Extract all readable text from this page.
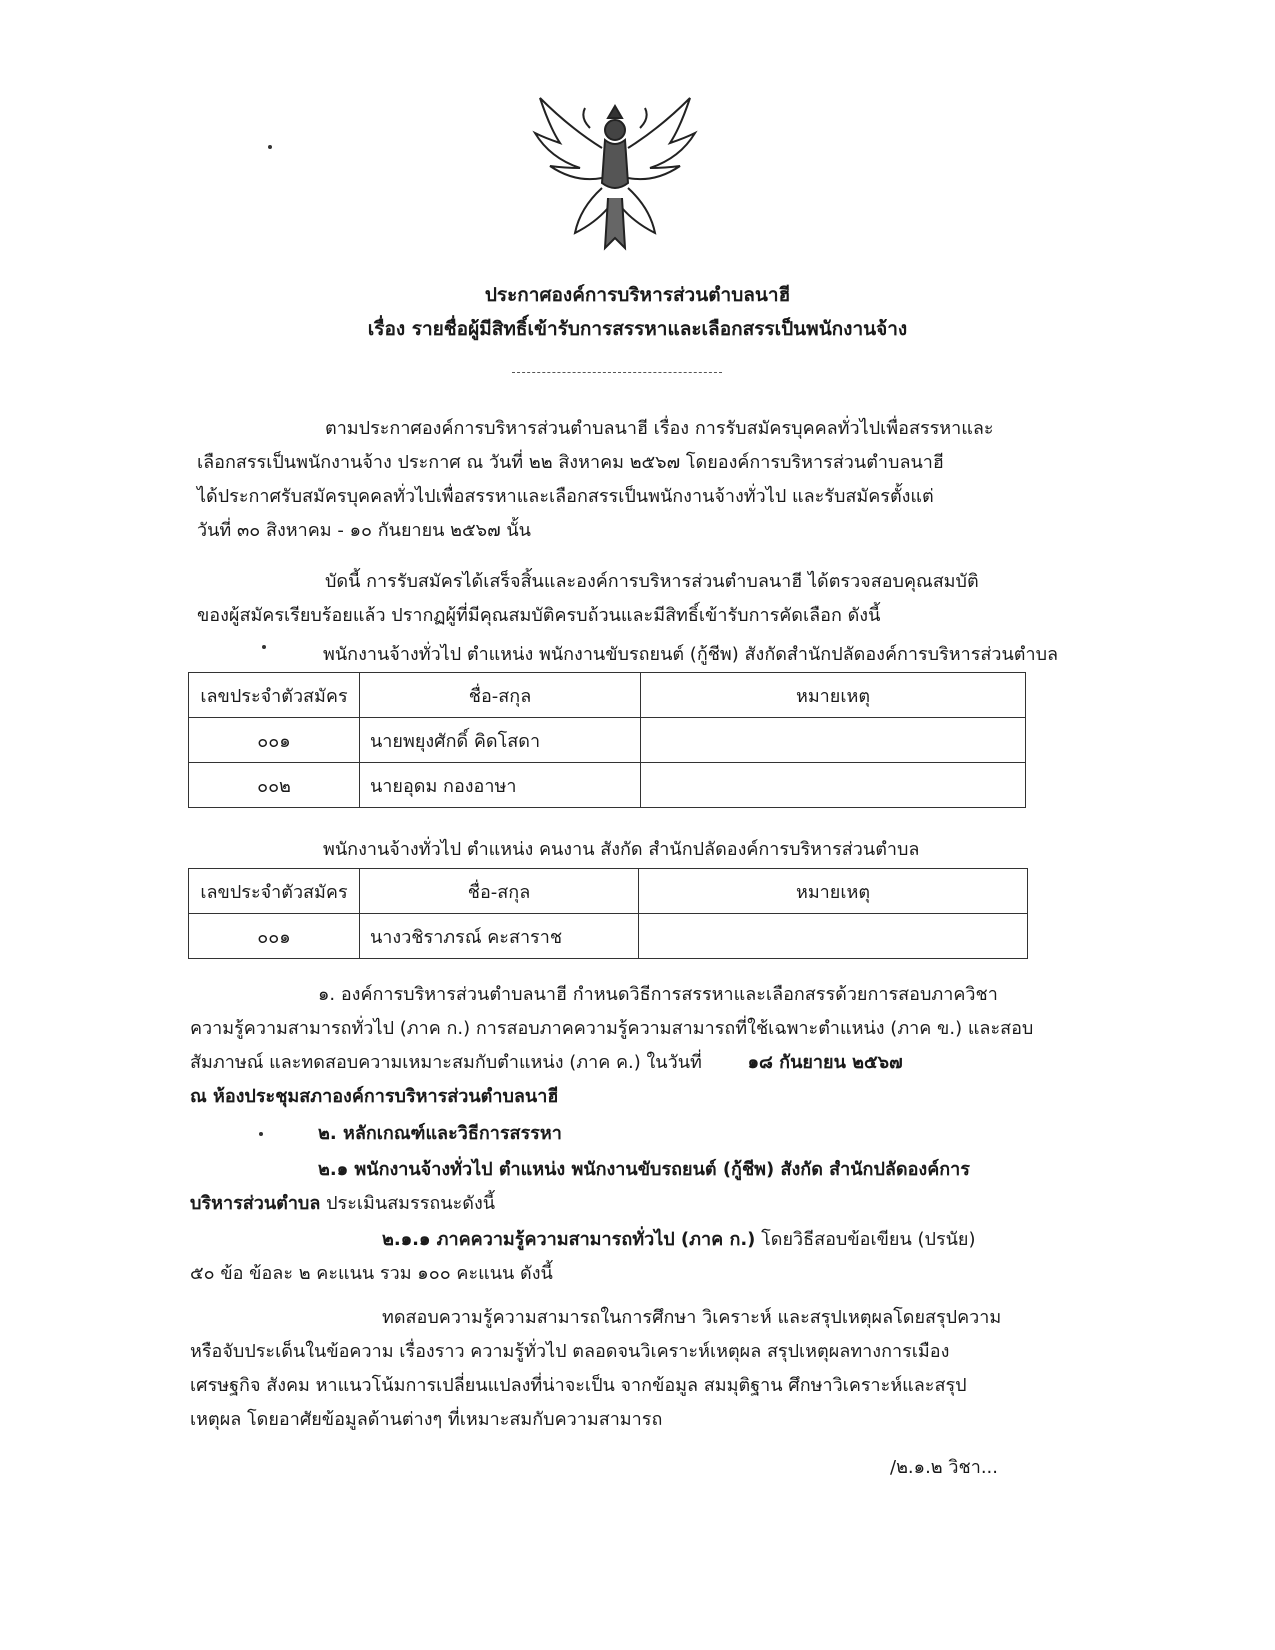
ประกาศองค์การบริหารส่วนตำบลนาฮี
เรื่อง รายชื่อผู้มีสิทธิ์เข้ารับการสรรหาและเลือกสรรเป็นพนักงานจ้าง
ตามประกาศองค์การบริหารส่วนตำบลนาฮี เรื่อง การรับสมัครบุคคลทั่วไปเพื่อสรรหาและ
เลือกสรรเป็นพนักงานจ้าง ประกาศ ณ วันที่ ๒๒ สิงหาคม ๒๕๖๗ โดยองค์การบริหารส่วนตำบลนาฮี
ได้ประกาศรับสมัครบุคคลทั่วไปเพื่อสรรหาและเลือกสรรเป็นพนักงานจ้างทั่วไป และรับสมัครตั้งแต่
วันที่ ๓๐ สิงหาคม - ๑๐ กันยายน ๒๕๖๗ นั้น
บัดนี้ การรับสมัครได้เสร็จสิ้นและองค์การบริหารส่วนตำบลนาฮี ได้ตรวจสอบคุณสมบัติ
ของผู้สมัครเรียบร้อยแล้ว ปรากฏผู้ที่มีคุณสมบัติครบถ้วนและมีสิทธิ์เข้ารับการคัดเลือก ดังนี้
พนักงานจ้างทั่วไป ตำแหน่ง พนักงานขับรถยนต์ (กู้ชีพ) สังกัดสำนักปลัดองค์การบริหารส่วนตำบล
เลขประจำตัวสมัคร	ชื่อ-สกุล	หมายเหตุ
๐๐๑	นายพยุงศักดิ์ คิดโสดา	
๐๐๒	นายอุดม กองอาษา	
พนักงานจ้างทั่วไป ตำแหน่ง คนงาน สังกัด สำนักปลัดองค์การบริหารส่วนตำบล
เลขประจำตัวสมัคร	ชื่อ-สกุล	หมายเหตุ
๐๐๑	นางวชิราภรณ์ คะสาราช	
๑. องค์การบริหารส่วนตำบลนาฮี กำหนดวิธีการสรรหาและเลือกสรรด้วยการสอบภาควิชา
ความรู้ความสามารถทั่วไป (ภาค ก.) การสอบภาคความรู้ความสามารถที่ใช้เฉพาะตำแหน่ง (ภาค ข.) และสอบ
สัมภาษณ์ และทดสอบความเหมาะสมกับตำแหน่ง (ภาค ค.) ในวันที่ ๑๘ กันยายน ๒๕๖๗
ณ ห้องประชุมสภาองค์การบริหารส่วนตำบลนาฮี
๒. หลักเกณฑ์และวิธีการสรรหา
๒.๑ พนักงานจ้างทั่วไป ตำแหน่ง พนักงานขับรถยนต์ (กู้ชีพ) สังกัด สำนักปลัดองค์การ
บริหารส่วนตำบล ประเมินสมรรถนะดังนี้
๒.๑.๑ ภาคความรู้ความสามารถทั่วไป (ภาค ก.) โดยวิธีสอบข้อเขียน (ปรนัย)
๕๐ ข้อ ข้อละ ๒ คะแนน รวม ๑๐๐ คะแนน ดังนี้
ทดสอบความรู้ความสามารถในการศึกษา วิเคราะห์ และสรุปเหตุผลโดยสรุปความ
หรือจับประเด็นในข้อความ เรื่องราว ความรู้ทั่วไป ตลอดจนวิเคราะห์เหตุผล สรุปเหตุผลทางการเมือง
เศรษฐกิจ สังคม หาแนวโน้มการเปลี่ยนแปลงที่น่าจะเป็น จากข้อมูล สมมุติฐาน ศึกษาวิเคราะห์และสรุป
เหตุผล โดยอาศัยข้อมูลด้านต่างๆ ที่เหมาะสมกับความสามารถ
/๒.๑.๒ วิชา...
